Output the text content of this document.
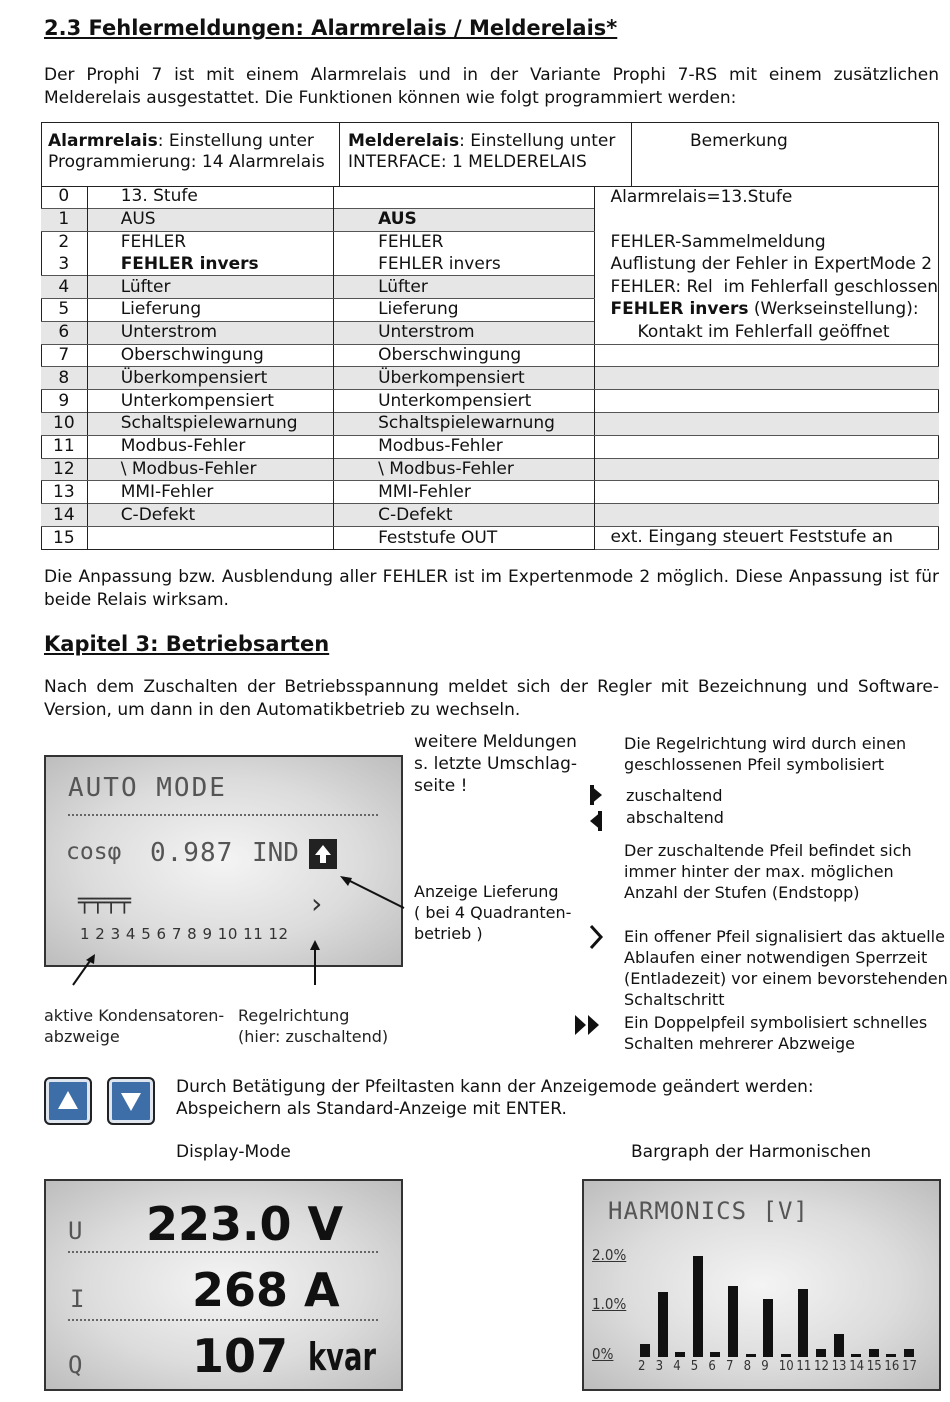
2.3 Fehlermeldungen: Alarmrelais / Melderelais*
Der Prophi 7 ist mit einem Alarmrelais und in der Variante Prophi 7-RS mit einem zusätzlichen Melderelais ausgestattet. Die Funktionen können wie folgt programmiert werden:
Alarmrelais: Einstellung unter
Programmierung: 14 Alarmrelais
Melderelais: Einstellung unter
INTERFACE: 1 MELDERELAIS
Bemerkung
0	13. Stufe		Alarmrelais=13.Stufe
1	AUS	AUS	
2	FEHLER	FEHLER	FEHLER-Sammelmeldung
3	FEHLER invers	FEHLER invers	Auflistung der Fehler in ExpertMode 2
4	Lüfter	Lüfter	FEHLER: Rel  im Fehlerfall geschlossen
5	Lieferung	Lieferung	FEHLER invers (Werkseinstellung):
6	Unterstrom	Unterstrom	Kontakt im Fehlerfall geöffnet
7	Oberschwingung	Oberschwingung	
8	Überkompensiert	Überkompensiert	
9	Unterkompensiert	Unterkompensiert	
10	Schaltspielewarnung	Schaltspielewarnung	
11	Modbus-Fehler	Modbus-Fehler	
12	\ Modbus-Fehler	\ Modbus-Fehler	
13	MMI-Fehler	MMI-Fehler	
14	C-Defekt	C-Defekt	
15		Feststufe OUT	ext. Eingang steuert Feststufe an
Die Anpassung bzw. Ausblendung aller FEHLER ist im Expertenmode 2 möglich. Diese Anpassung ist für beide Relais wirksam.
Kapitel 3: Betriebsarten
Nach dem Zuschalten der Betriebsspannung meldet sich der Regler mit Bezeichnung und Software-Version, um dann in den Automatikbetrieb zu wechseln.
AUTO MODE
cosφ 0.987 IND
╤╤╤╤	›
1 2 3 4 5 6 7 8 9 10 11 12
aktive Kondensatoren-
abzweige
Regelrichtung
(hier: zuschaltend)
weitere Meldungen
s. letzte Umschlag-
seite !
Anzeige Lieferung
( bei 4 Quadranten-
betrieb )
Die Regelrichtung wird durch einen
geschlossenen Pfeil symbolisiert
zuschaltend
abschaltend
Der zuschaltende Pfeil befindet sich
immer hinter der max. möglichen
Anzahl der Stufen (Endstopp)
Ein offener Pfeil signalisiert das aktuelle
Ablaufen einer notwendigen Sperrzeit
(Entladezeit) vor einem bevorstehenden
Schaltschritt
Ein Doppelpfeil symbolisiert schnelles
Schalten mehrerer Abzweige
Durch Betätigung der Pfeiltasten kann der Anzeigemode geändert werden:
Abspeichern als Standard-Anzeige mit ENTER.
Display-Mode
U 223.0 V
I 268 A
Q 107 kvar
Bargraph der Harmonischen
HARMONICS [V]
2.0%
1.0%
0%
2 3 4 5 6 7 8 9 10 11 12 13 14 15 16 17
